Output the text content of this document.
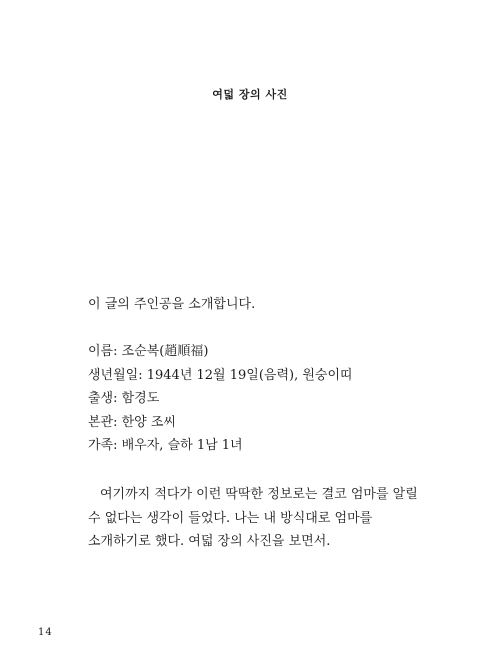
여덟 장의 사진
이 글의 주인공을 소개합니다.
이름: 조순복(趙順福)
생년월일: 1944년 12월 19일(음력), 원숭이띠
출생: 함경도
본관: 한양 조씨
가족: 배우자, 슬하 1남 1녀

여기까지 적다가 이런 딱딱한 정보로는 결코 엄마를 알릴 수 없다는 생각이 들었다. 나는 내 방식대로 엄마를 소개하기로 했다. 여덟 장의 사진을 보면서.

14
